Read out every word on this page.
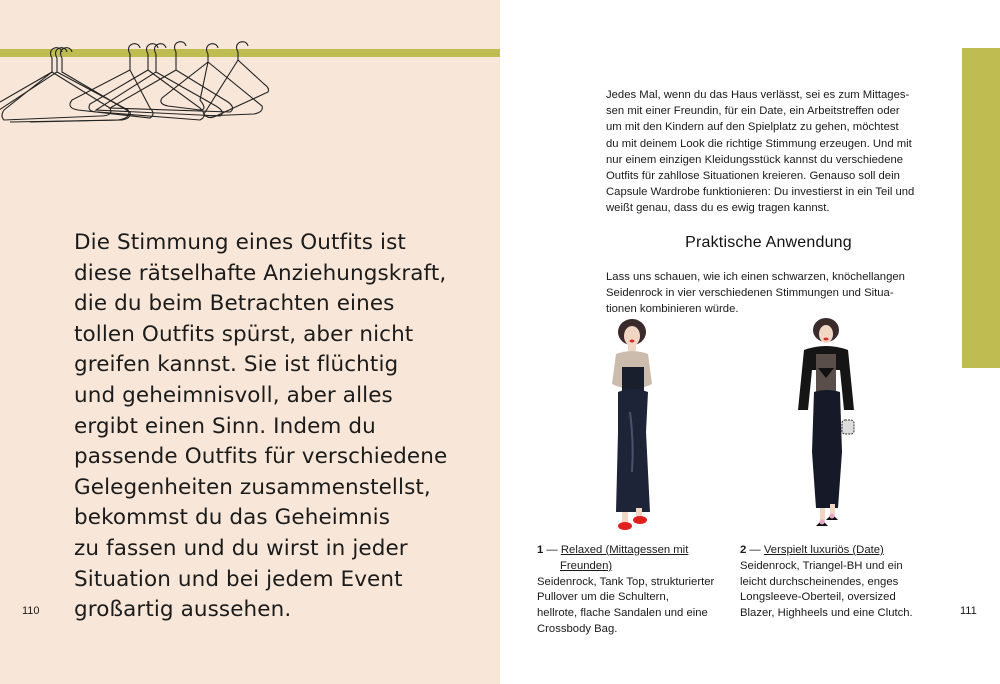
Die Stimmung eines Outfits ist
diese rätselhafte Anziehungskraft,
die du beim Betrachten eines
tollen Outfits spürst, aber nicht
greifen kannst. Sie ist flüchtig
und geheimnisvoll, aber alles
ergibt einen Sinn. Indem du
passende Outfits für verschiedene
Gelegenheiten zusammenstellst,
bekommst du das Geheimnis
zu fassen und du wirst in jeder
Situation und bei jedem Event
großartig aussehen.
110
Jedes Mal, wenn du das Haus verlässt, sei es zum Mittages-
sen mit einer Freundin, für ein Date, ein Arbeitstreffen oder
um mit den Kindern auf den Spielplatz zu gehen, möchtest
du mit deinem Look die richtige Stimmung erzeugen. Und mit
nur einem einzigen Kleidungsstück kannst du verschiedene
Outfits für zahllose Situationen kreieren. Genauso soll dein
Capsule Wardrobe funktionieren: Du investierst in ein Teil und
weißt genau, dass du es ewig tragen kannst.
Praktische Anwendung
Lass uns schauen, wie ich einen schwarzen, knöchellangen
Seidenrock in vier verschiedenen Stimmungen und Situa-
tionen kombinieren würde.
1 — Relaxed (Mittagessen mit
Freunden)
Seidenrock, Tank Top, strukturierter
Pullover um die Schultern,
hellrote, flache Sandalen und eine
Crossbody Bag.
2 — Verspielt luxuriös (Date)
Seidenrock, Triangel-BH und ein
leicht durchscheinendes, enges
Longsleeve-Oberteil, oversized
Blazer, Highheels und eine Clutch.	111
